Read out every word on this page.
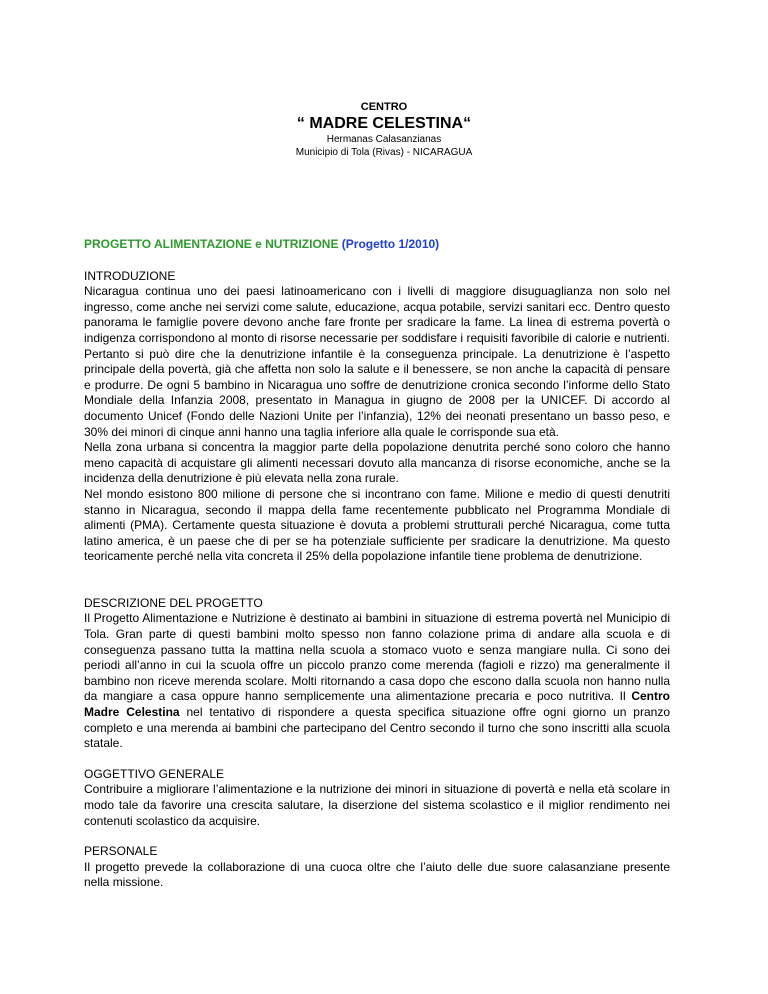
CENTRO
“ MADRE CELESTINA“
Hermanas Calasanzianas
Municipio di Tola (Rivas) - NICARAGUA

PROGETTO ALIMENTAZIONE e NUTRIZIONE (Progetto 1/2010)

INTRODUZIONE

Nicaragua continua uno dei paesi latinoamericano con i livelli di maggiore disuguaglianza non solo nel ingresso, come anche nei servizi come salute, educazione, acqua potabile, servizi sanitari ecc. Dentro questo panorama le famiglie povere devono anche fare fronte per sradicare la fame. La linea di estrema povertà o indigenza corrispondono al monto di risorse necessarie per soddisfare i requisiti favoribile di calorie e nutrienti. Pertanto si può dire che la denutrizione infantile è la conseguenza principale. La denutrizione è l’aspetto principale della povertà, già che affetta non solo la salute e il benessere, se non anche la capacità di pensare e produrre. De ogni 5 bambino in Nicaragua uno soffre de denutrizione cronica secondo l’informe dello Stato Mondiale della Infanzia 2008, presentato in Managua in giugno de 2008 per la UNICEF. Di accordo al documento Unicef (Fondo delle Nazioni Unite per l’infanzia), 12% dei neonati presentano un basso peso, e 30% dei minori di cinque anni hanno una taglia inferiore alla quale le corrisponde sua età.

Nella zona urbana si concentra la maggior parte della popolazione denutrita perché sono coloro che hanno meno capacità di acquistare gli alimenti necessari dovuto alla mancanza di risorse economiche, anche se la incidenza della denutrizione è più elevata nella zona rurale.

Nel mondo esistono 800 milione di persone che si incontrano con fame. Milione e medio di questi denutriti stanno in Nicaragua, secondo il mappa della fame recentemente pubblicato nel Programma Mondiale di alimenti (PMA). Certamente questa situazione è dovuta a problemi strutturali perché Nicaragua, come tutta latino america, è un paese che di per se ha potenziale sufficiente per sradicare la denutrizione. Ma questo teoricamente perché nella vita concreta il 25% della popolazione infantile tiene problema de denutrizione.

DESCRIZIONE DEL PROGETTO

Il Progetto Alimentazione e Nutrizione è destinato ai bambini in situazione di estrema povertà nel Municipio di Tola. Gran parte di questi bambini molto spesso non fanno colazione prima di andare alla scuola e di conseguenza passano tutta la mattina nella scuola a stomaco vuoto e senza mangiare nulla. Ci sono dei periodi all’anno in cui la scuola offre un piccolo pranzo come merenda (fagioli e rizzo) ma generalmente il bambino non riceve merenda scolare. Molti ritornando a casa dopo che escono dalla scuola non hanno nulla da mangiare a casa oppure hanno semplicemente una alimentazione precaria e poco nutritiva. Il Centro Madre Celestina nel tentativo di rispondere a questa specifica situazione offre ogni giorno un pranzo completo e una merenda ai bambini che partecipano del Centro secondo il turno che sono inscritti alla scuola statale.

OGGETTIVO GENERALE

Contribuire a migliorare l’alimentazione e la nutrizione dei minori in situazione di povertà e nella età scolare in modo tale da favorire una crescita salutare, la diserzione del sistema scolastico e il miglior rendimento nei contenuti scolastico da acquisire.

PERSONALE

Il progetto prevede la collaborazione di una cuoca oltre che l’aiuto delle due suore calasanziane presente nella missione.
